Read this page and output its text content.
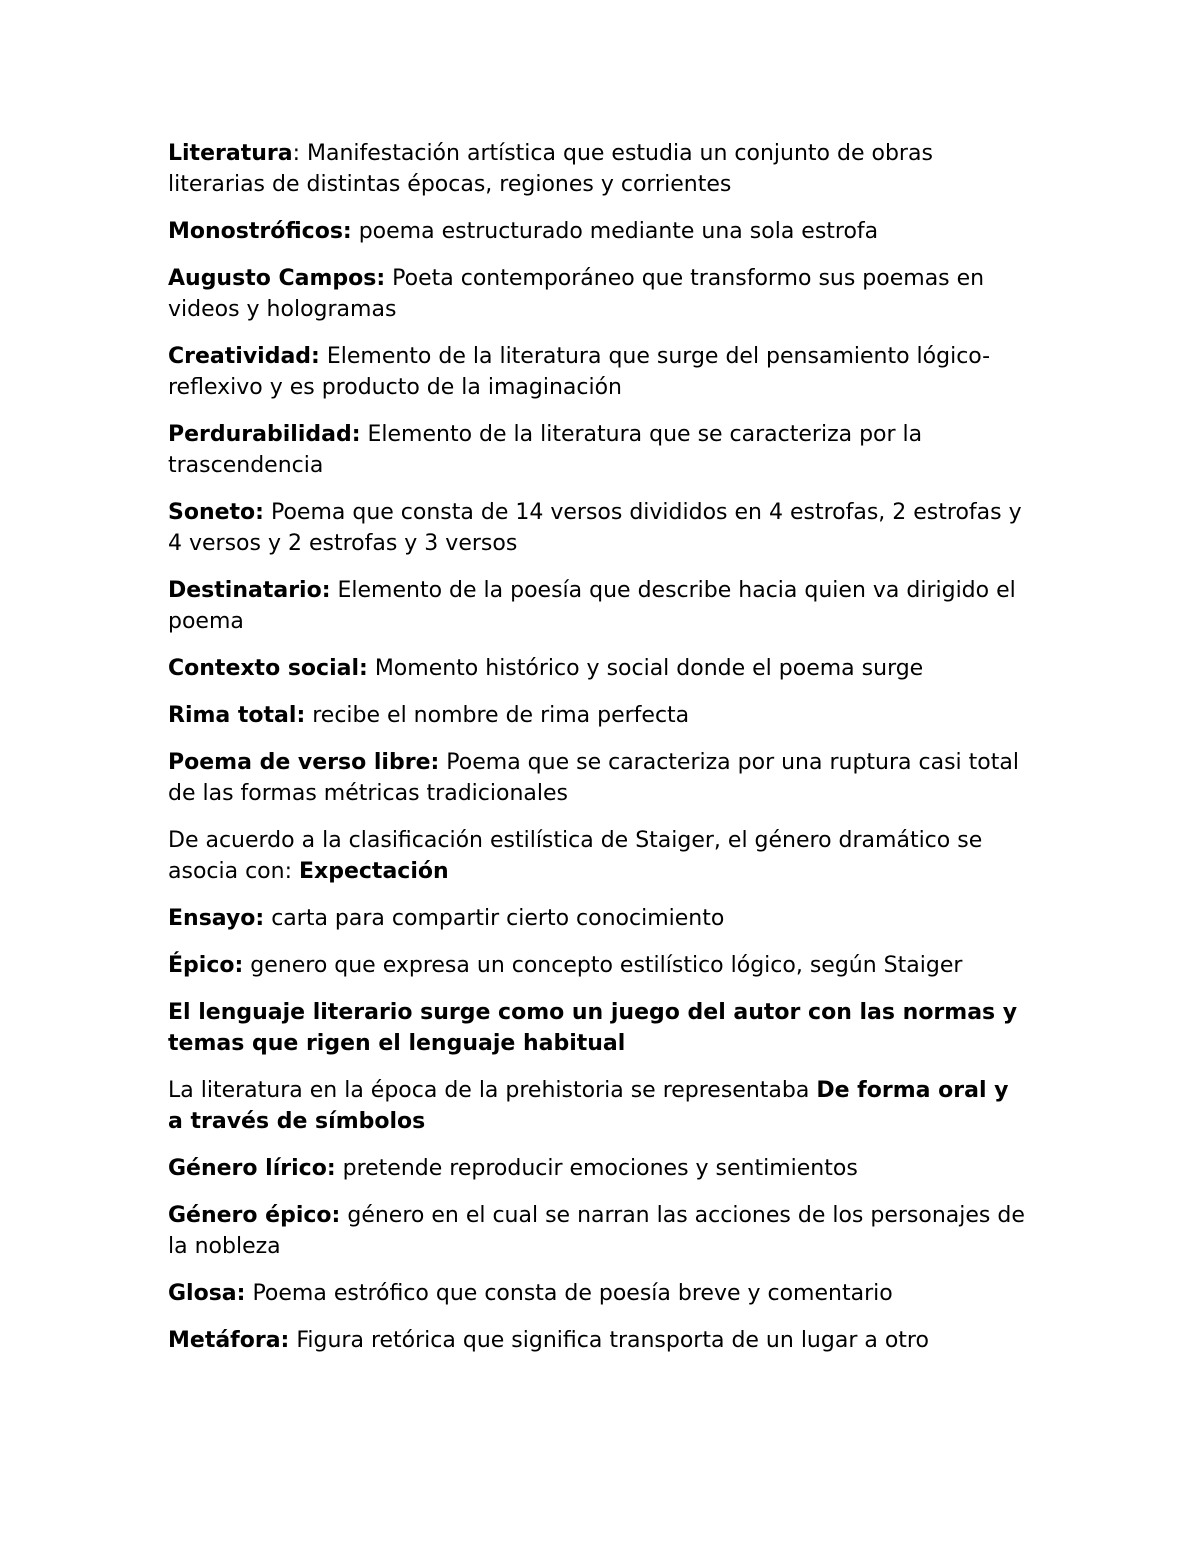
Literatura: Manifestación artística que estudia un conjunto de obras literarias de distintas épocas, regiones y corrientes

Monostróficos: poema estructurado mediante una sola estrofa

Augusto Campos: Poeta contemporáneo que transformo sus poemas en videos y hologramas

Creatividad: Elemento de la literatura que surge del pensamiento lógico-reflexivo y es producto de la imaginación

Perdurabilidad: Elemento de la literatura que se caracteriza por la trascendencia

Soneto: Poema que consta de 14 versos divididos en 4 estrofas, 2 estrofas y 4 versos y 2 estrofas y 3 versos

Destinatario: Elemento de la poesía que describe hacia quien va dirigido el poema

Contexto social: Momento histórico y social donde el poema surge

Rima total: recibe el nombre de rima perfecta

Poema de verso libre: Poema que se caracteriza por una ruptura casi total de las formas métricas tradicionales

De acuerdo a la clasificación estilística de Staiger, el género dramático se asocia con: Expectación

Ensayo: carta para compartir cierto conocimiento

Épico: genero que expresa un concepto estilístico lógico, según Staiger

El lenguaje literario surge como un juego del autor con las normas y temas que rigen el lenguaje habitual

La literatura en la época de la prehistoria se representaba De forma oral y a través de símbolos

Género lírico: pretende reproducir emociones y sentimientos

Género épico: género en el cual se narran las acciones de los personajes de la nobleza

Glosa: Poema estrófico que consta de poesía breve y comentario

Metáfora: Figura retórica que significa transporta de un lugar a otro
